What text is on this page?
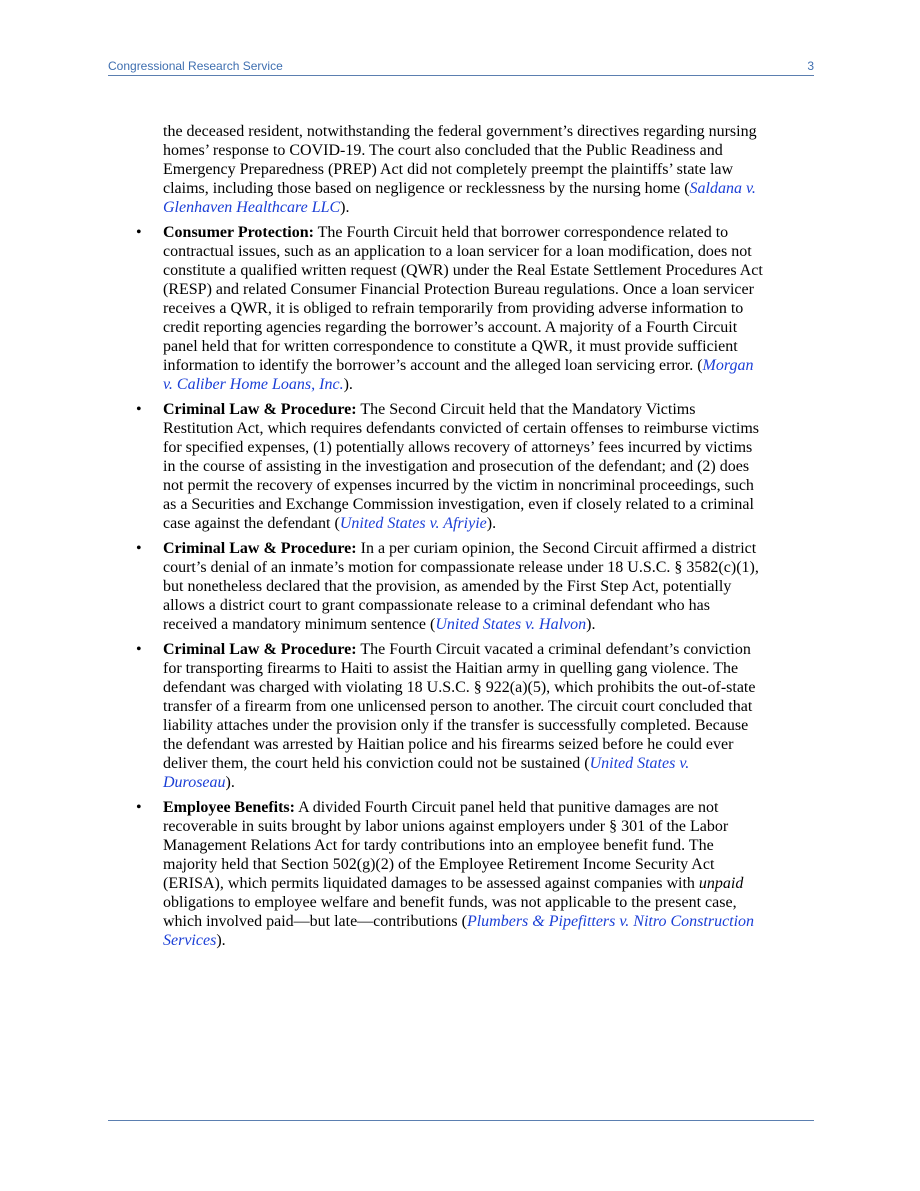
Congressional Research Service	3

the deceased resident, notwithstanding the federal government’s directives regarding nursing homes’ response to COVID-19. The court also concluded that the Public Readiness and Emergency Preparedness (PREP) Act did not completely preempt the plaintiffs’ state law claims, including those based on negligence or recklessness by the nursing home (Saldana v. Glenhaven Healthcare LLC).

• Consumer Protection: The Fourth Circuit held that borrower correspondence related to contractual issues, such as an application to a loan servicer for a loan modification, does not constitute a qualified written request (QWR) under the Real Estate Settlement Procedures Act (RESP) and related Consumer Financial Protection Bureau regulations. Once a loan servicer receives a QWR, it is obliged to refrain temporarily from providing adverse information to credit reporting agencies regarding the borrower’s account. A majority of a Fourth Circuit panel held that for written correspondence to constitute a QWR, it must provide sufficient information to identify the borrower’s account and the alleged loan servicing error. (Morgan v. Caliber Home Loans, Inc.).
• Criminal Law & Procedure: The Second Circuit held that the Mandatory Victims Restitution Act, which requires defendants convicted of certain offenses to reimburse victims for specified expenses, (1) potentially allows recovery of attorneys’ fees incurred by victims in the course of assisting in the investigation and prosecution of the defendant; and (2) does not permit the recovery of expenses incurred by the victim in noncriminal proceedings, such as a Securities and Exchange Commission investigation, even if closely related to a criminal case against the defendant (United States v. Afriyie).
• Criminal Law & Procedure: In a per curiam opinion, the Second Circuit affirmed a district court’s denial of an inmate’s motion for compassionate release under 18 U.S.C. § 3582(c)(1), but nonetheless declared that the provision, as amended by the First Step Act, potentially allows a district court to grant compassionate release to a criminal defendant who has received a mandatory minimum sentence (United States v. Halvon).
• Criminal Law & Procedure: The Fourth Circuit vacated a criminal defendant’s conviction for transporting firearms to Haiti to assist the Haitian army in quelling gang violence. The defendant was charged with violating 18 U.S.C. § 922(a)(5), which prohibits the out-of-state transfer of a firearm from one unlicensed person to another. The circuit court concluded that liability attaches under the provision only if the transfer is successfully completed. Because the defendant was arrested by Haitian police and his firearms seized before he could ever deliver them, the court held his conviction could not be sustained (United States v. Duroseau).
• Employee Benefits: A divided Fourth Circuit panel held that punitive damages are not recoverable in suits brought by labor unions against employers under § 301 of the Labor Management Relations Act for tardy contributions into an employee benefit fund. The majority held that Section 502(g)(2) of the Employee Retirement Income Security Act (ERISA), which permits liquidated damages to be assessed against companies with unpaid obligations to employee welfare and benefit funds, was not applicable to the present case, which involved paid—but late—contributions (Plumbers & Pipefitters v. Nitro Construction Services).
